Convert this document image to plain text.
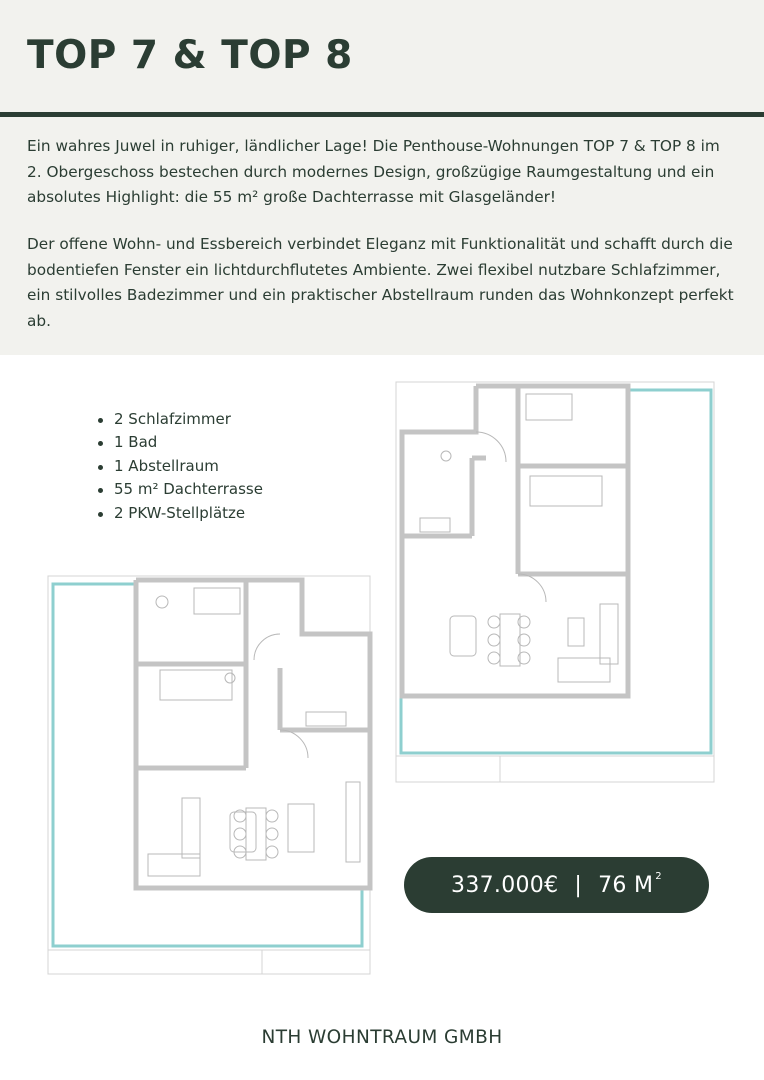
TOP 7 & TOP 8

Ein wahres Juwel in ruhiger, ländlicher Lage! Die Penthouse-Wohnungen TOP 7 & TOP 8 im 2. Obergeschoss bestechen durch modernes Design, großzügige Raumgestaltung und ein absolutes Highlight: die 55 m² große Dachterrasse mit Glasgeländer!

Der offene Wohn- und Essbereich verbindet Eleganz mit Funktionalität und schafft durch die bodentiefen Fenster ein lichtdurchflutetes Ambiente. Zwei flexibel nutzbare Schlafzimmer, ein stilvolles Badezimmer und ein praktischer Abstellraum runden das Wohnkonzept perfekt ab.

2 Schlafzimmer
1 Bad
1 Abstellraum
55 m² Dachterrasse
2 PKW-Stellplätze
337.000€ | 76 M 2
NTH WOHNTRAUM GMBH
